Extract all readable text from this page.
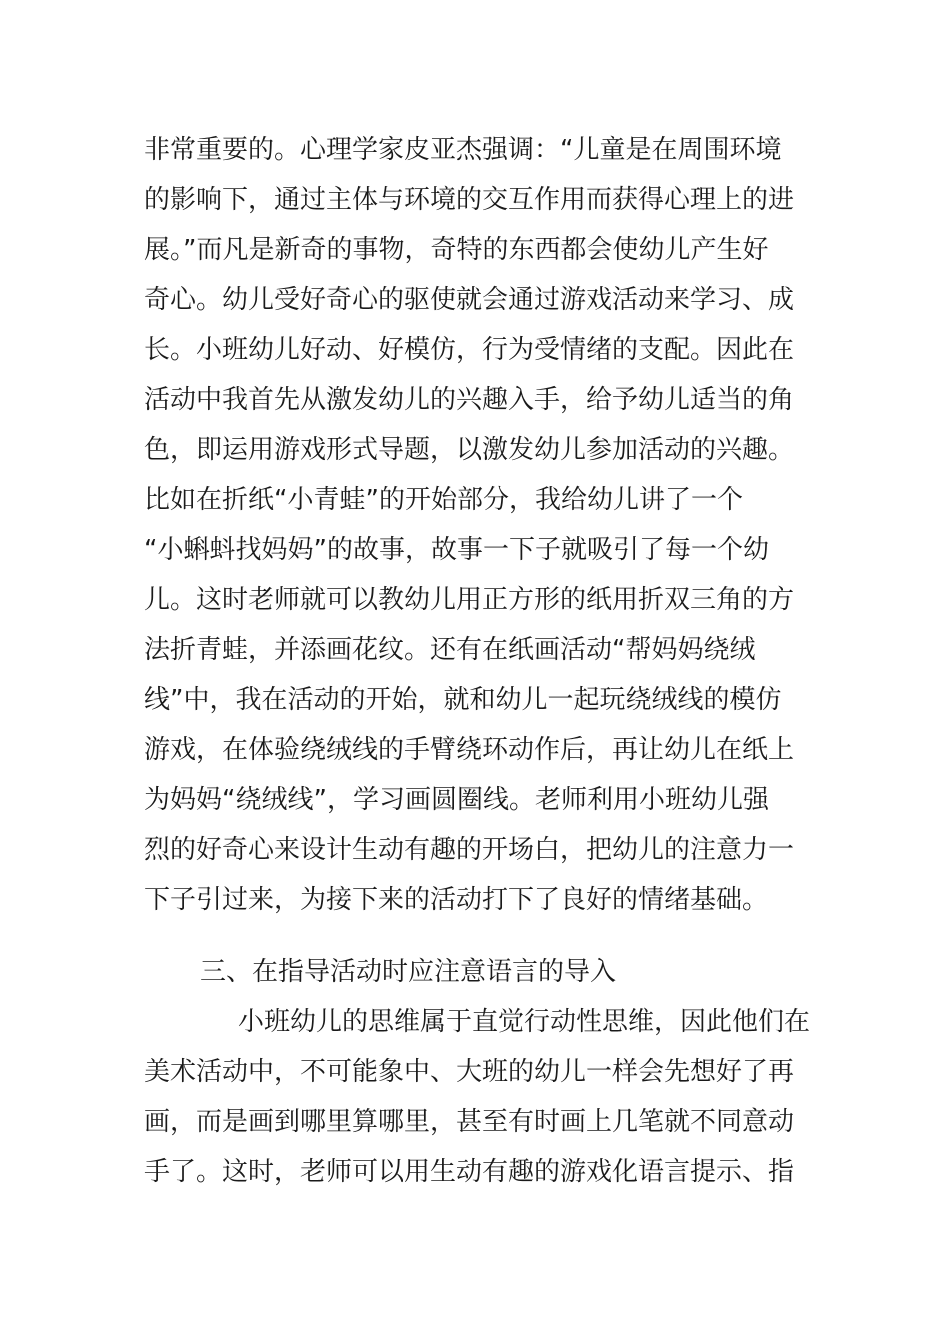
非常重要的。心理学家皮亚杰强调：“儿童是在周围环境
的影响下，通过主体与环境的交互作用而获得心理上的进
展。”而凡是新奇的事物，奇特的东西都会使幼儿产生好
奇心。幼儿受好奇心的驱使就会通过游戏活动来学习、成
长。小班幼儿好动、好模仿，行为受情绪的支配。因此在
活动中我首先从激发幼儿的兴趣入手，给予幼儿适当的角
色，即运用游戏形式导题，以激发幼儿参加活动的兴趣。
比如在折纸“小青蛙”的开始部分，我给幼儿讲了一个
“小蝌蚪找妈妈”的故事，故事一下子就吸引了每一个幼
儿。这时老师就可以教幼儿用正方形的纸用折双三角的方
法折青蛙，并添画花纹。还有在纸画活动“帮妈妈绕绒
线”中，我在活动的开始，就和幼儿一起玩绕绒线的模仿
游戏，在体验绕绒线的手臂绕环动作后，再让幼儿在纸上
为妈妈“绕绒线”，学习画圆圈线。老师利用小班幼儿强
烈的好奇心来设计生动有趣的开场白，把幼儿的注意力一
下子引过来，为接下来的活动打下了良好的情绪基础。
三、在指导活动时应注意语言的导入
小班幼儿的思维属于直觉行动性思维，因此他们在
美术活动中，不可能象中、大班的幼儿一样会先想好了再
画，而是画到哪里算哪里，甚至有时画上几笔就不同意动
手了。这时，老师可以用生动有趣的游戏化语言提示、指
